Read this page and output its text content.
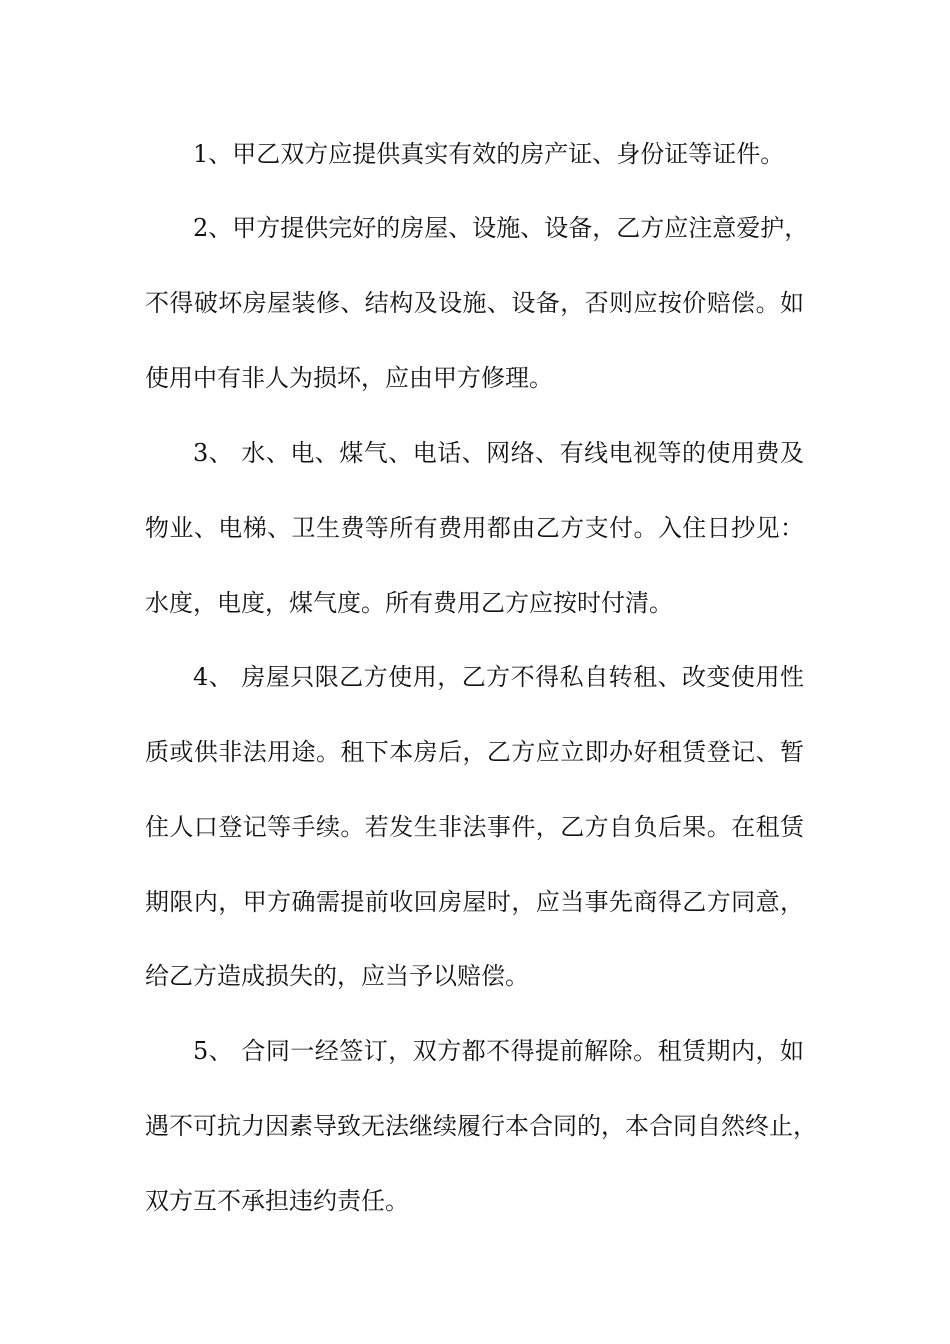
1、甲乙双方应提供真实有效的房产证、身份证等证件。
2、甲方提供完好的房屋、设施、设备，乙方应注意爱护，
不得破坏房屋装修、结构及设施、设备，否则应按价赔偿。如
使用中有非人为损坏，应由甲方修理。
3、 水、电、煤气、电话、网络、有线电视等的使用费及
物业、电梯、卫生费等所有费用都由乙方支付。入住日抄见：
水度，电度，煤气度。所有费用乙方应按时付清。
4、 房屋只限乙方使用，乙方不得私自转租、改变使用性
质或供非法用途。租下本房后，乙方应立即办好租赁登记、暂
住人口登记等手续。若发生非法事件，乙方自负后果。在租赁
期限内，甲方确需提前收回房屋时，应当事先商得乙方同意，
给乙方造成损失的，应当予以赔偿。
5、 合同一经签订，双方都不得提前解除。租赁期内，如
遇不可抗力因素导致无法继续履行本合同的，本合同自然终止，
双方互不承担违约责任。
